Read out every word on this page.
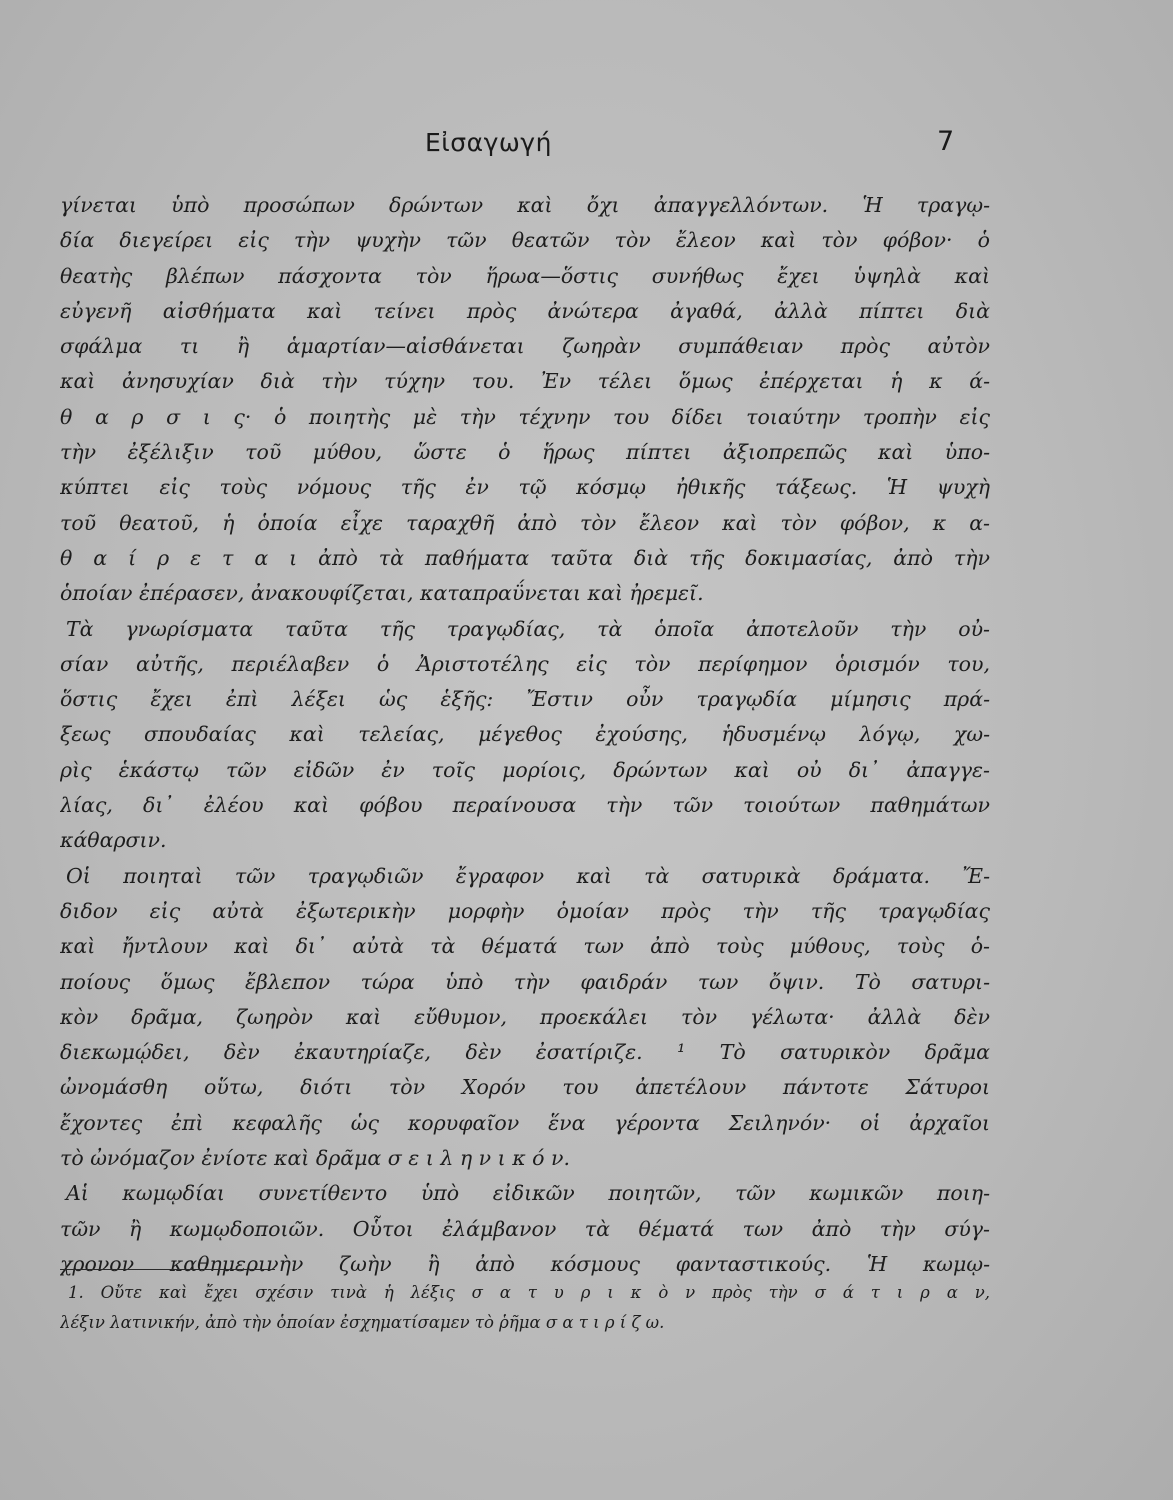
Εἰσαγωγή	7
γίνεται ὑπὸ προσώπων δρώντων καὶ ὄχι ἀπαγγελλόντων. Ἡ τραγῳ-
δία διεγείρει εἰς τὴν ψυχὴν τῶν θεατῶν τὸν ἔλεον καὶ τὸν φόβον· ὁ
θεατὴς βλέπων πάσχοντα τὸν ἥρωα—ὅστις συνήθως ἔχει ὑψηλὰ καὶ
εὐγενῆ αἰσθήματα καὶ τείνει πρὸς ἀνώτερα ἀγαθά, ἀλλὰ πίπτει διὰ
σφάλμα τι ἢ ἁμαρτίαν—αἰσθάνεται ζωηρὰν συμπάθειαν πρὸς αὐτὸν
καὶ ἀνησυχίαν διὰ τὴν τύχην του. Ἐν τέλει ὅμως ἐπέρχεται ἡ κ ά-
θ α ρ σ ι ς· ὁ ποιητὴς μὲ τὴν τέχνην του δίδει τοιαύτην τροπὴν εἰς
τὴν ἐξέλιξιν τοῦ μύθου, ὥστε ὁ ἥρως πίπτει ἀξιοπρεπῶς καὶ ὑπο-
κύπτει εἰς τοὺς νόμους τῆς ἐν τῷ κόσμῳ ἠθικῆς τάξεως. Ἡ ψυχὴ
τοῦ θεατοῦ, ἡ ὁποία εἶχε ταραχθῆ ἀπὸ τὸν ἔλεον καὶ τὸν φόβον, κ α-
θ α ί ρ ε τ α ι ἀπὸ τὰ παθήματα ταῦτα διὰ τῆς δοκιμασίας, ἀπὸ τὴν
ὁποίαν ἐπέρασεν, ἀνακουφίζεται, καταπραΰνεται καὶ ἠρεμεῖ.
Τὰ γνωρίσματα ταῦτα τῆς τραγῳδίας, τὰ ὁποῖα ἀποτελοῦν τὴν οὐ-
σίαν αὐτῆς, περιέλαβεν ὁ Ἀριστοτέλης εἰς τὸν περίφημον ὁρισμόν του,
ὅστις ἔχει ἐπὶ λέξει ὡς ἑξῆς: Ἔστιν οὖν τραγῳδία μίμησις πρά-
ξεως σπουδαίας καὶ τελείας, μέγεθος ἐχούσης, ἡδυσμένῳ λόγῳ, χω-
ρὶς ἑκάστῳ τῶν εἰδῶν ἐν τοῖς μορίοις, δρώντων καὶ οὐ δι᾽ ἀπαγγε-
λίας, δι᾽ ἐλέου καὶ φόβου περαίνουσα τὴν τῶν τοιούτων παθημάτων
κάθαρσιν.
Οἱ ποιηταὶ τῶν τραγῳδιῶν ἔγραφον καὶ τὰ σατυρικὰ δράματα. Ἔ-
διδον εἰς αὐτὰ ἐξωτερικὴν μορφὴν ὁμοίαν πρὸς τὴν τῆς τραγῳδίας
καὶ ἤντλουν καὶ δι᾽ αὐτὰ τὰ θέματά των ἀπὸ τοὺς μύθους, τοὺς ὁ-
ποίους ὅμως ἔβλεπον τώρα ὑπὸ τὴν φαιδράν των ὄψιν. Τὸ σατυρι-
κὸν δρᾶμα, ζωηρὸν καὶ εὔθυμον, προεκάλει τὸν γέλωτα· ἀλλὰ δὲν
διεκωμῴδει, δὲν ἐκαυτηρίαζε, δὲν ἐσατίριζε. ¹ Τὸ σατυρικὸν δρᾶμα
ὠνομάσθη οὕτω, διότι τὸν Χορόν του ἀπετέλουν πάντοτε Σάτυροι
ἔχοντες ἐπὶ κεφαλῆς ὡς κορυφαῖον ἕνα γέροντα Σειληνόν· οἱ ἀρχαῖοι
τὸ ὠνόμαζον ἐνίοτε καὶ δρᾶμα σ ε ι λ η ν ι κ ό ν.
Αἱ κωμῳδίαι συνετίθεντο ὑπὸ εἰδικῶν ποιητῶν, τῶν κωμικῶν ποιη-
τῶν ἢ κωμῳδοποιῶν. Οὗτοι ἐλάμβανον τὰ θέματά των ἀπὸ τὴν σύγ-
χρονον καθημερινὴν ζωὴν ἢ ἀπὸ κόσμους φανταστικούς. Ἡ κωμῳ-
1. Οὔτε καὶ ἔχει σχέσιν τινὰ ἡ λέξις σ α τ υ ρ ι κ ὸ ν πρὸς τὴν σ ά τ ι ρ α ν,
λέξιν λατινικήν, ἀπὸ τὴν ὁποίαν ἐσχηματίσαμεν τὸ ῥῆμα σ α τ ι ρ ί ζ ω.
